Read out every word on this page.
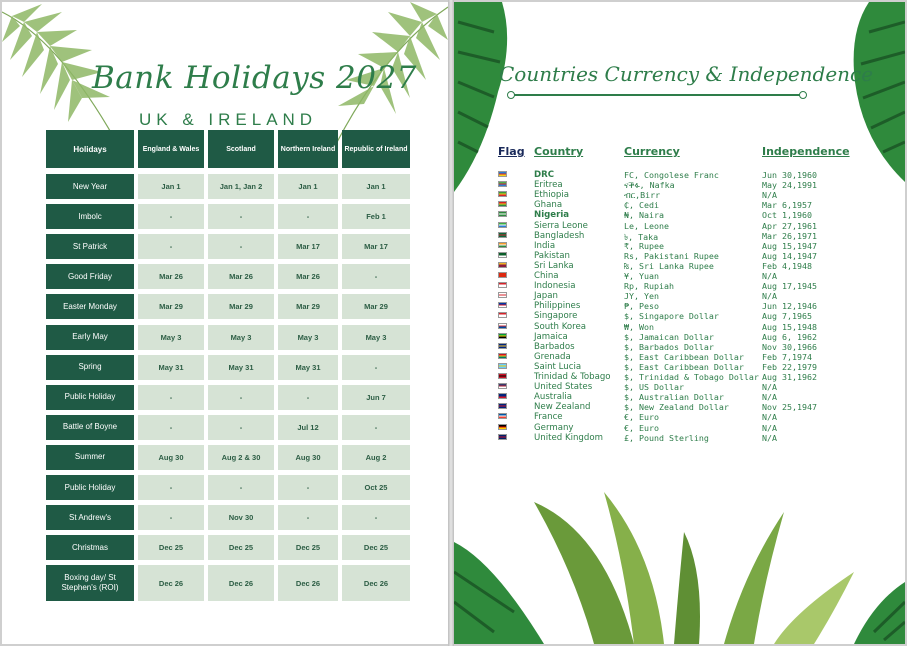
Bank Holidays 2027
UK & IRELAND
Holidays	England & Wales	Scotland	Northern Ireland	Republic of Ireland
New Year	Jan 1	Jan 1, Jan 2	Jan 1	Jan 1
Imbolc	-	-	-	Feb 1
St Patrick	-	-	Mar 17	Mar 17
Good Friday	Mar 26	Mar 26	Mar 26	-
Easter Monday	Mar 29	Mar 29	Mar 29	Mar 29
Early May	May 3	May 3	May 3	May 3
Spring	May 31	May 31	May 31	-
Public Holiday	-	-	-	Jun 7
Battle of Boyne	-	-	Jul 12	-
Summer	Aug 30	Aug 2 & 30	Aug 30	Aug 2
Public Holiday	-	-	-	Oct 25
St Andrew's	-	Nov 30	-	-
Christmas	Dec 25	Dec 25	Dec 25	Dec 25
Boxing day/ St Stephen's (ROI)	Dec 26	Dec 26	Dec 26	Dec 26
Countries Currency & Independence
Flag Country	Currency	Independence
DRC	FC, Congolese Franc	Jun 30,1960
Eritrea	ናቕፋ, Nafka	May 24,1991
Ethiopia	ብር,Birr	N/A
Ghana	₵, Cedi	Mar 6,1957
Nigeria	₦, Naira	Oct 1,1960
Sierra Leone	Le, Leone	Apr 27,1961
Bangladesh	৳, Taka	Mar 26,1971
India	₹, Rupee	Aug 15,1947
Pakistan	Rs, Pakistani Rupee	Aug 14,1947
Sri Lanka	₨, Sri Lanka Rupee	Feb 4,1948
China	¥, Yuan	N/A
Indonesia	Rp, Rupiah	Aug 17,1945
Japan	JY, Yen	N/A
Philippines	₱, Peso	Jun 12,1946
Singapore	$, Singapore Dollar	Aug 7,1965
South Korea	₩, Won	Aug 15,1948
Jamaica	$, Jamaican Dollar	Aug 6, 1962
Barbados	$, Barbados Dollar	Nov 30,1966
Grenada	$, East Caribbean Dollar Feb 7,1974
Saint Lucia	$, East Caribbean Dollar Feb 22,1979
Trinidad & Tobago $, Trinidad & Tobago Dollar Aug 31,1962
United States	$, US Dollar	N/A
Australia	$, Australian Dollar	N/A
New Zealand	$, New Zealand Dollar	Nov 25,1947
France	€, Euro	N/A
Germany	€, Euro	N/A
United Kingdom	£, Pound Sterling	N/A
